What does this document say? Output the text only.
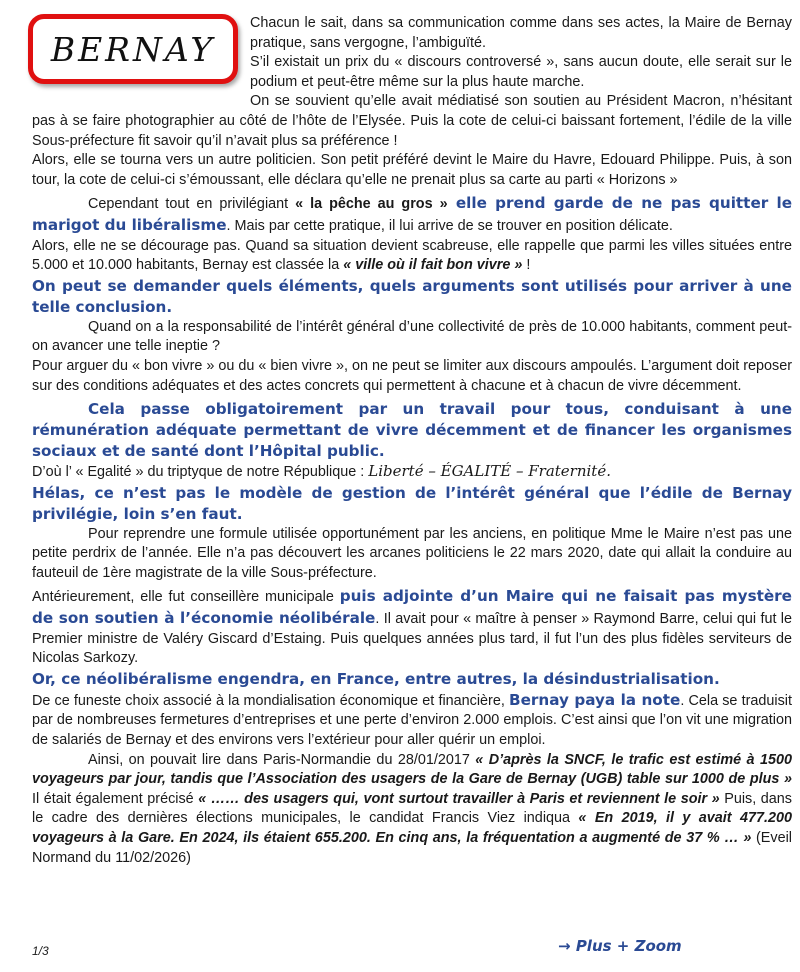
BERNAY

Chacun le sait, dans sa communication comme dans ses actes, la Maire de Bernay pratique, sans vergogne, l’ambiguïté.

S’il existait un prix du « discours controversé », sans aucun doute, elle serait sur le podium et peut-être même sur la plus haute marche.

On se souvient qu’elle avait médiatisé son soutien au Président Macron, n’hésitant pas à se faire photographier au côté de l’hôte de l’Elysée. Puis la cote de celui-ci baissant fortement, l’édile de la ville Sous-préfecture fit savoir qu’il n’avait plus sa préférence !

Alors, elle se tourna vers un autre politicien. Son petit préféré devint le Maire du Havre, Edouard Philippe. Puis, à son tour, la cote de celui-ci s’émoussant, elle déclara qu’elle ne prenait plus sa carte au parti « Horizons »

Cependant tout en privilégiant « la pêche au gros » elle prend garde de ne pas quitter le marigot du libéralisme. Mais par cette pratique, il lui arrive de se trouver en position délicate.

Alors, elle ne se décourage pas. Quand sa situation devient scabreuse, elle rappelle que parmi les villes situées entre 5.000 et 10.000 habitants, Bernay est classée la « ville où il fait bon vivre » !

On peut se demander quels éléments, quels arguments sont utilisés pour arriver à une telle conclusion.

Quand on a la responsabilité de l’intérêt général d’une collectivité de près de 10.000 habitants, comment peut-on avancer une telle ineptie ?

Pour arguer du « bon vivre » ou du « bien vivre », on ne peut se limiter aux discours ampoulés. L’argument doit reposer sur des conditions adéquates et des actes concrets qui permettent à chacune et à chacun de vivre décemment.

Cela passe obligatoirement par un travail pour tous, conduisant à une rémunération adéquate permettant de vivre décemment et de financer les organismes sociaux et de santé dont l’Hôpital public.

D’où l’ « Egalité » du triptyque de notre République : Liberté – ÉGALITÉ – Fraternité.

Hélas, ce n’est pas le modèle de gestion de l’intérêt général que l’édile de Bernay privilégie, loin s’en faut.

Pour reprendre une formule utilisée opportunément par les anciens, en politique Mme le Maire n’est pas une petite perdrix de l’année. Elle n’a pas découvert les arcanes politiciens le 22 mars 2020, date qui allait la conduire au fauteuil de 1ère magistrate de la ville Sous-préfecture.

Antérieurement, elle fut conseillère municipale puis adjointe d’un Maire qui ne faisait pas mystère de son soutien à l’économie néolibérale. Il avait pour « maître à penser » Raymond Barre, celui qui fut le Premier ministre de Valéry Giscard d’Estaing. Puis quelques années plus tard, il fut l’un des plus fidèles serviteurs de Nicolas Sarkozy.

Or, ce néolibéralisme engendra, en France, entre autres, la désindustrialisation.

De ce funeste choix associé à la mondialisation économique et financière, Bernay paya la note. Cela se traduisit par de nombreuses fermetures d’entreprises et une perte d’environ 2.000 emplois. C’est ainsi que l’on vit une migration de salariés de Bernay et des environs vers l’extérieur pour aller quérir un emploi.

Ainsi, on pouvait lire dans Paris-Normandie du 28/01/2017 « D’après la SNCF, le trafic est estimé à 1500 voyageurs par jour, tandis que l’Association des usagers de la Gare de Bernay (UGB) table sur 1000 de plus » Il était également précisé « …… des usagers qui, vont surtout travailler à Paris et reviennent le soir » Puis, dans le cadre des dernières élections municipales, le candidat Francis Viez indiqua « En 2019, il y avait 477.200 voyageurs à la Gare. En 2024, ils étaient 655.200. En cinq ans, la fréquentation a augmenté de 37 % … » (Eveil Normand du 11/02/2026)

1/3	→ Plus + Zoom
